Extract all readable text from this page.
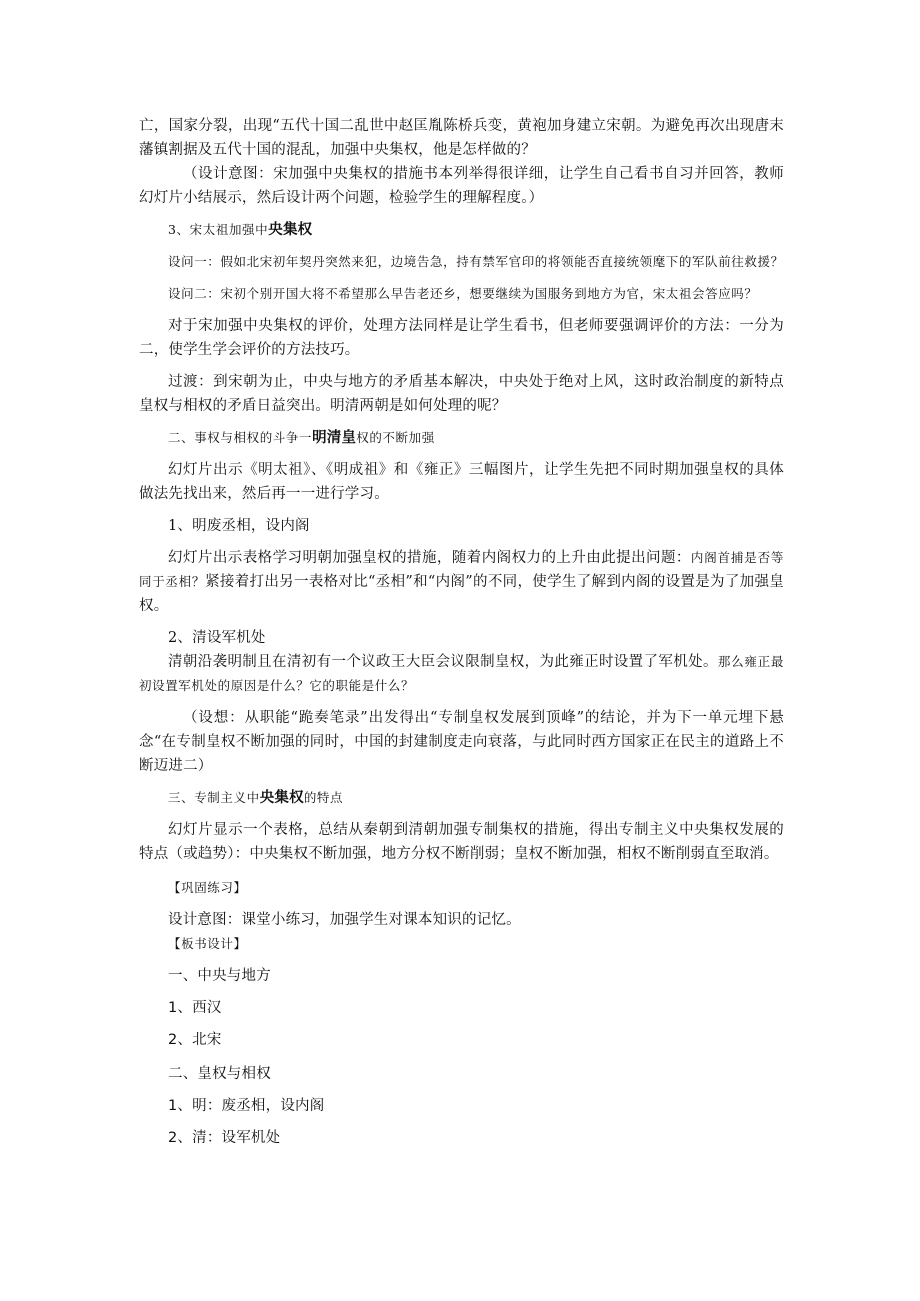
亡，国家分裂，出现“五代十国二乱世中赵匡胤陈桥兵变，黄袍加身建立宋朝。为避免再次出现唐末藩镇割据及五代十国的混乱，加强中央集权，他是怎样做的？

（设计意图：宋加强中央集权的措施书本列举得很详细，让学生自己看书自习并回答，教师幻灯片小结展示，然后设计两个问题，检验学生的理解程度。）

3、宋太祖加强中央集权

设问一：假如北宋初年契丹突然来犯，边境告急，持有禁军官印的将领能否直接统领麾下的军队前往救援？

设问二：宋初个别开国大将不希望那么早告老还乡，想要继续为国服务到地方为官，宋太祖会答应吗？

对于宋加强中央集权的评价，处理方法同样是让学生看书，但老师要强调评价的方法：一分为二，使学生学会评价的方法技巧。

过渡：到宋朝为止，中央与地方的矛盾基本解决，中央处于绝对上风，这时政治制度的新特点皇权与相权的矛盾日益突出。明清两朝是如何处理的呢？

二、事权与相权的斗争一明清皇权的不断加强

幻灯片出示《明太祖》、《明成祖》和《雍正》三幅图片，让学生先把不同时期加强皇权的具体做法先找出来，然后再一一进行学习。

1、明废丞相，设内阁

幻灯片出示表格学习明朝加强皇权的措施，随着内阁权力的上升由此提出问题：内阁首捕是否等同于丞相？紧接着打出另一表格对比“丞相”和“内阁”的不同，使学生了解到内阁的设置是为了加强皇权。

2、清设军机处

清朝沿袭明制且在清初有一个议政王大臣会议限制皇权，为此雍正时设置了军机处。那么雍正最初设置军机处的原因是什么？它的职能是什么？

（设想：从职能“跪奏笔录”出发得出“专制皇权发展到顶峰”的结论，并为下一单元埋下悬念“在专制皇权不断加强的同时，中国的封建制度走向衰落，与此同时西方国家正在民主的道路上不断迈进二）

三、专制主义中央集权的特点

幻灯片显示一个表格，总结从秦朝到清朝加强专制集权的措施，得出专制主义中央集权发展的特点（或趋势）：中央集权不断加强，地方分权不断削弱；皇权不断加强，相权不断削弱直至取消。

【巩固练习】

设计意图：课堂小练习，加强学生对课本知识的记忆。

【板书设计】

一、中央与地方

1、西汉

2、北宋

二、皇权与相权

1、明：废丞相，设内阁

2、清：设军机处
